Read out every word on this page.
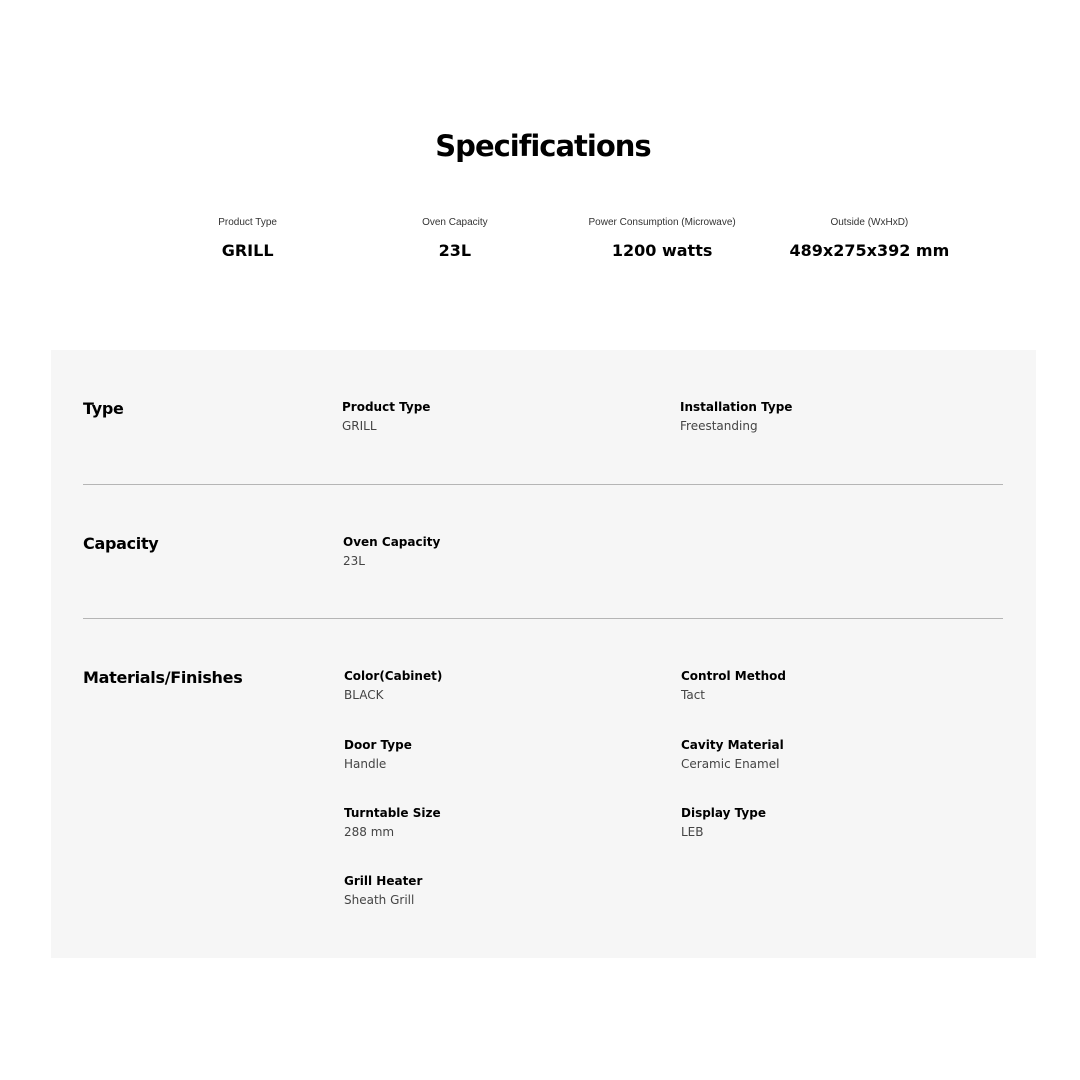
Specifications
Product Type
GRILL
Oven Capacity
23L
Power Consumption (Microwave)
1200 watts
Outside (WxHxD)
489x275x392 mm
Type	Product Type
GRILL
Installation Type
Freestanding
Capacity	Oven Capacity
23L
Materials/Finishes	Color(Cabinet)
BLACK
Control Method
Tact
Door Type
Handle
Cavity Material
Ceramic Enamel
Turntable Size
288 mm
Display Type
LEB
Grill Heater
Sheath Grill
